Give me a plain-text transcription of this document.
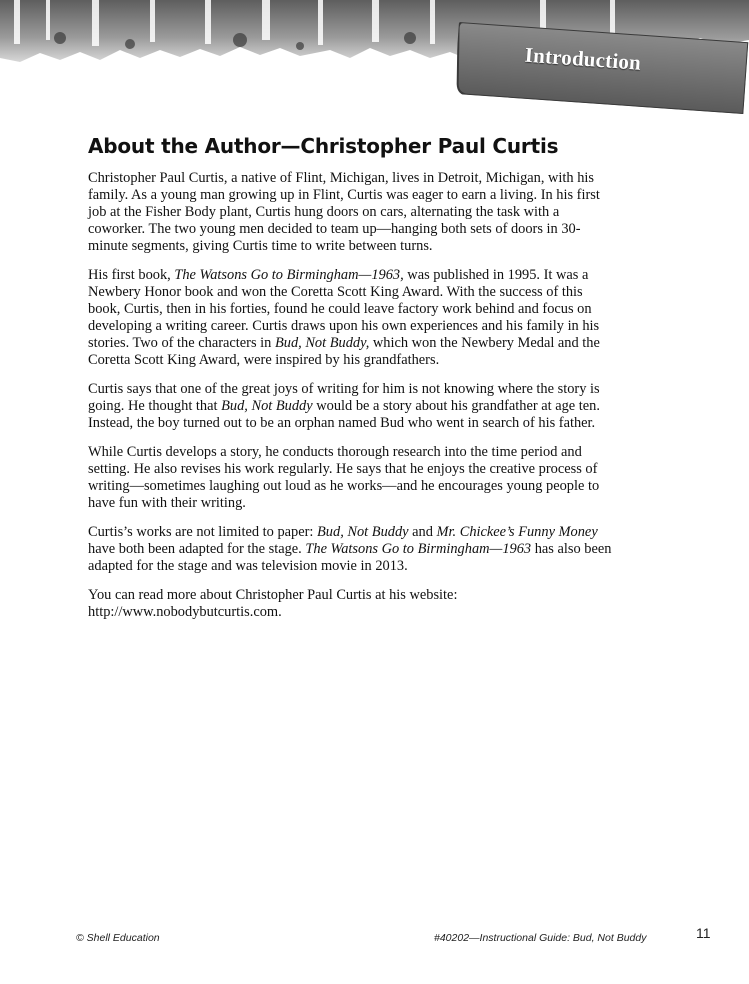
Introduction
About the Author—Christopher Paul Curtis

Christopher Paul Curtis, a native of Flint, Michigan, lives in Detroit, Michigan, with his family. As a young man growing up in Flint, Curtis was eager to earn a living. In his first job at the Fisher Body plant, Curtis hung doors on cars, alternating the task with a coworker. The two young men decided to team up—hanging both sets of doors in 30-minute segments, giving Curtis time to write between turns.

His first book, The Watsons Go to Birmingham—1963, was published in 1995. It was a Newbery Honor book and won the Coretta Scott King Award. With the success of this book, Curtis, then in his forties, found he could leave factory work behind and focus on developing a writing career. Curtis draws upon his own experiences and his family in his stories. Two of the characters in Bud, Not Buddy, which won the Newbery Medal and the Coretta Scott King Award, were inspired by his grandfathers.

Curtis says that one of the great joys of writing for him is not knowing where the story is going. He thought that Bud, Not Buddy would be a story about his grandfather at age ten. Instead, the boy turned out to be an orphan named Bud who went in search of his father.

While Curtis develops a story, he conducts thorough research into the time period and setting. He also revises his work regularly. He says that he enjoys the creative process of writing—sometimes laughing out loud as he works—and he encourages young people to have fun with their writing.

Curtis’s works are not limited to paper: Bud, Not Buddy and Mr. Chickee’s Funny Money have both been adapted for the stage. The Watsons Go to Birmingham—1963 has also been adapted for the stage and was television movie in 2013.

You can read more about Christopher Paul Curtis at his website:
http://www.nobodybutcurtis.com.

© Shell Education	#40202—Instructional Guide: Bud, Not Buddy	11
